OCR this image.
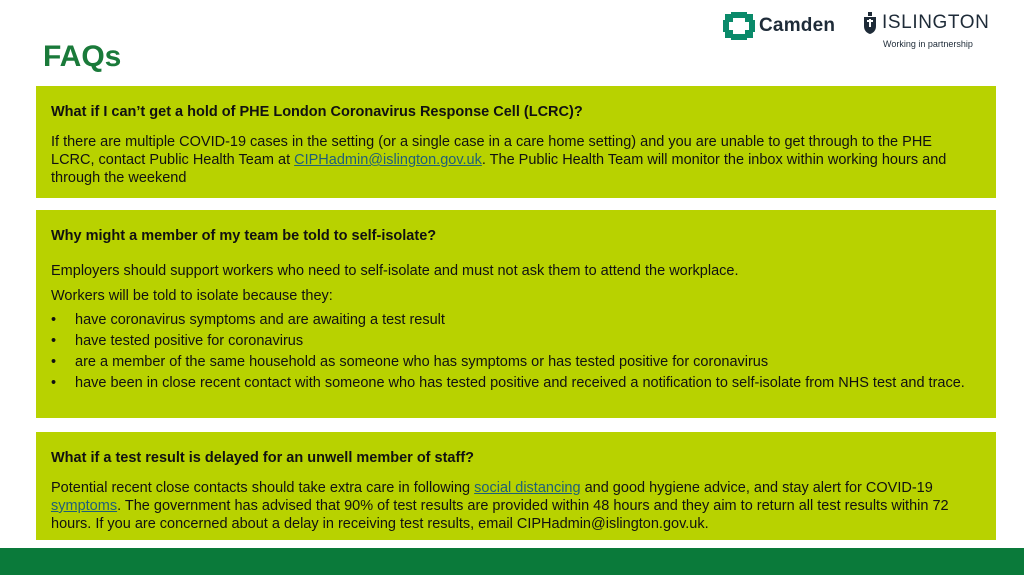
FAQs
Camden ISLINGTON
Working in partnership
What if I can’t get a hold of PHE London Coronavirus Response Cell (LCRC)?
If there are multiple COVID-19 cases in the setting (or a single case in a care home setting) and you are unable to get through to the PHE LCRC, contact Public Health Team at CIPHadmin@islington.gov.uk. The Public Health Team will monitor the inbox within working hours and through the weekend
Why might a member of my team be told to self-isolate?
Employers should support workers who need to self-isolate and must not ask them to attend the workplace.
Workers will be told to isolate because they:
• have coronavirus symptoms and are awaiting a test result
• have tested positive for coronavirus
• are a member of the same household as someone who has symptoms or has tested positive for coronavirus
• have been in close recent contact with someone who has tested positive and received a notification to self-isolate from NHS test and trace.
What if a test result is delayed for an unwell member of staff?
Potential recent close contacts should take extra care in following social distancing and good hygiene advice, and stay alert for COVID-19 symptoms. The government has advised that 90% of test results are provided within 48 hours and they aim to return all test results within 72 hours. If you are concerned about a delay in receiving test results, email CIPHadmin@islington.gov.uk.
